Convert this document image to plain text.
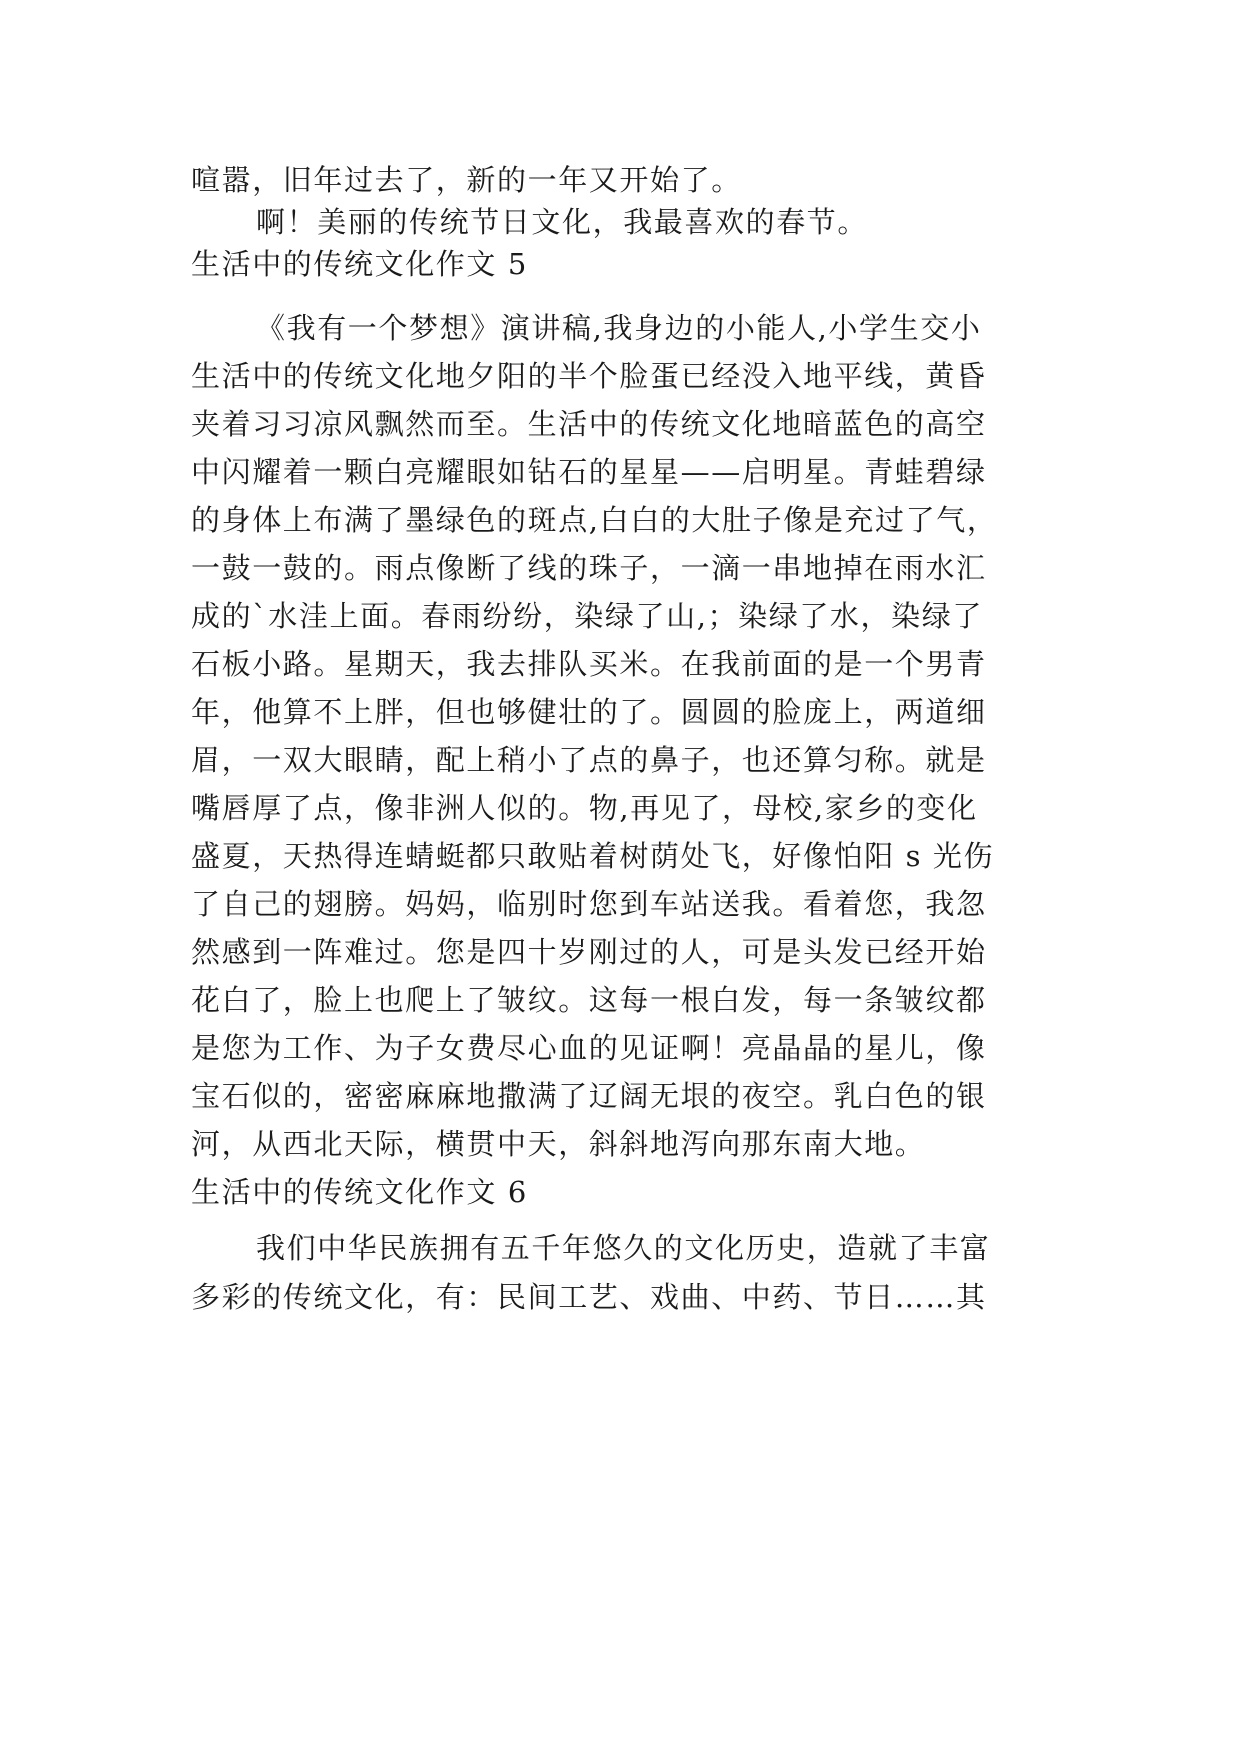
喧嚣，旧年过去了，新的一年又开始了。
啊！美丽的传统节日文化，我最喜欢的春节。
生活中的传统文化作文 5
《我有一个梦想》演讲稿,我身边的小能人,小学生交小
生活中的传统文化地夕阳的半个脸蛋已经没入地平线，黄昏
夹着习习凉风飘然而至。生活中的传统文化地暗蓝色的高空
中闪耀着一颗白亮耀眼如钻石的星星——启明星。青蛙碧绿
的身体上布满了墨绿色的斑点,白白的大肚子像是充过了气，
一鼓一鼓的。雨点像断了线的珠子，一滴一串地掉在雨水汇
成的`水洼上面。春雨纷纷，染绿了山,；染绿了水，染绿了
石板小路。星期天，我去排队买米。在我前面的是一个男青
年，他算不上胖，但也够健壮的了。圆圆的脸庞上，两道细
眉，一双大眼睛，配上稍小了点的鼻子，也还算匀称。就是
嘴唇厚了点，像非洲人似的。物,再见了，母校,家乡的变化
盛夏，天热得连蜻蜓都只敢贴着树荫处飞，好像怕阳 s 光伤
了自己的翅膀。妈妈，临别时您到车站送我。看着您，我忽
然感到一阵难过。您是四十岁刚过的人，可是头发已经开始
花白了，脸上也爬上了皱纹。这每一根白发，每一条皱纹都
是您为工作、为子女费尽心血的见证啊！亮晶晶的星儿，像
宝石似的，密密麻麻地撒满了辽阔无垠的夜空。乳白色的银
河，从西北天际，横贯中天，斜斜地泻向那东南大地。
生活中的传统文化作文 6
我们中华民族拥有五千年悠久的文化历史，造就了丰富
多彩的传统文化，有：民间工艺、戏曲、中药、节日……其
